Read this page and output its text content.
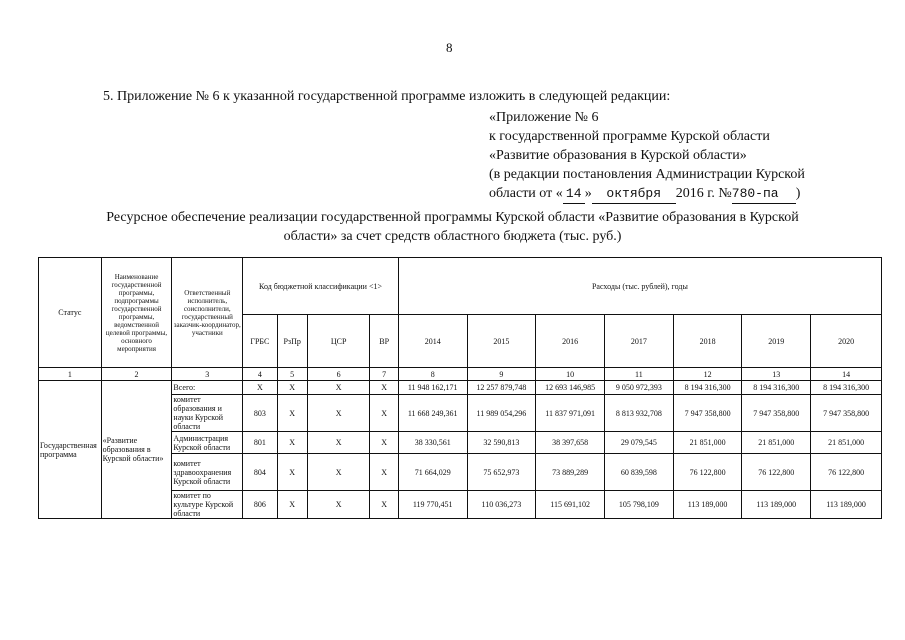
8
5. Приложение № 6 к указанной государственной программе изложить в следующей редакции:
«Приложение № 6
к государственной программе Курской области
«Развитие образования в Курской области»
(в редакции постановления Администрации Курской
области от « 14 » октября 2016 г. №780-па )
Ресурсное обеспечение реализации государственной программы Курской области «Развитие образования в Курской
области» за счет средств областного бюджета (тыс. руб.)
Статус	Наименование государственной программы, подпрограммы государственной программы, ведомственной целевой программы, основного мероприятия	Ответственный исполнитель, соисполнители, государственный заказчик-координатор, участники	Код бюджетной классификации <1>				Расходы (тыс. рублей), годы						
			ГРБС	РзПр	ЦСР	ВР	2014	2015	2016	2017	2018	2019	2020
1	2	3	4	5	6	7	8	9	10	11	12	13	14
Государственная программа	«Развитие образования в Курской области»	Всего:	Х	Х	Х	Х	11 948 162,171	12 257 879,748	12 693 146,985	9 050 972,393	8 194 316,300	8 194 316,300	8 194 316,300
		комитет образования и науки Курской области	803	Х	Х	Х	11 668 249,361	11 989 054,296	11 837 971,091	8 813 932,708	7 947 358,800	7 947 358,800	7 947 358,800
		Администрация Курской области	801	Х	Х	Х	38 330,561	32 590,813	38 397,658	29 079,545	21 851,000	21 851,000	21 851,000
		комитет здравоохранения Курской области	804	Х	Х	Х	71 664,029	75 652,973	73 889,289	60 839,598	76 122,800	76 122,800	76 122,800
		комитет по культуре Курской области	806	Х	Х	Х	119 770,451	110 036,273	115 691,102	105 798,109	113 189,000	113 189,000	113 189,000
